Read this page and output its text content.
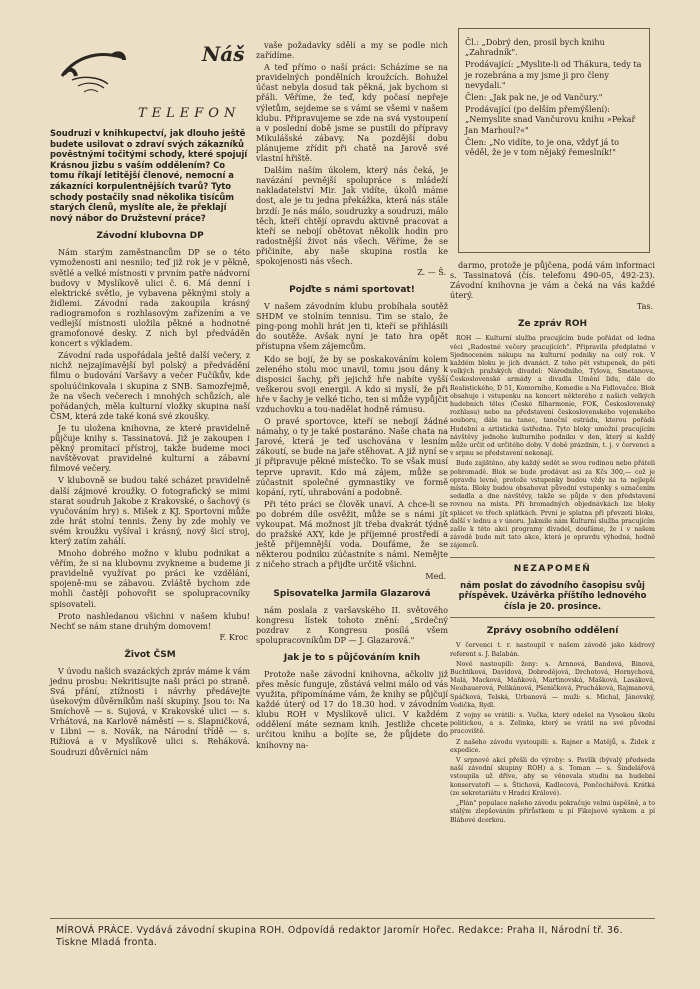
Náš
TELEFON
Soudruzi v knihkupectví, jak dlouho ještě budete usilovat o zdraví svých zákazníků pověstnými točitými schody, které spojují Krásnou jizbu s vaším oddělením? Co tomu říkají letitější členové, nemocní a zákazníci korpulentnějších tvarů? Tyto schody postačily snad několika tisícům starých členů, myslíte ale, že překlají nový nábor do Družstevní práce?
Závodní klubovna DP

Nám starým zaměstnancům DP se o této vymoženosti ani nesnilo; teď již rok je v pěkně, světlé a velké místnosti v prvním patře nádvorní budovy v Myslíkově ulici č. 6. Má denní i elektrické světlo, je vybavena pěknými stoly a židlemi. Závodní rada zakoupila krásný radiogramofon s rozhlasovým zařízením a ve vedlejší místnosti uložila pěkné a hodnotné gramofonové desky. Z nich byl předváděn koncert s výkladem.

Závodní rada uspořádala ještě další večery, z nichž nejzajímavější byl polský a předvádění filmu o budování Varšavy a večer Fučíkův, kde spoluúčinkovala i skupina z SNB. Samozřejmě, že na všech večerech i mnohých schůzích, ale pořádaných, měla kulturní vložky skupina naší ČSM, která zde také koná své zkoušky.

Je tu uložena knihovna, ze které pravidelně půjčuje knihy s. Tassinatová. Již je zakoupen i pěkný promítací přístroj, takže budeme moci navštěvovat pravidelné kulturní a zábavní filmové večery.

V klubovně se budou také scházet pravidelně další zájmové kroužky. O fotografický se mimi starat soudruh Jakobe z Krakovské, o šachový (s vyučováním hry) s. Mišek z KJ. Sportovní může zde hrát stolní tennis. Ženy by zde mohly ve svém kroužku vyšíval i krásný, nový šicí stroj, který zatím zahálí.

Mnoho dobrého možno v klubu podnikat a věřím, že si na klubovnu zvykneme a budeme ji pravidelně využívat po práci ke vzdělání, spojeně-mu se zábavou. Zvláště bychom zde mohli častěji pohovořit se spolupracovníky spisovateli.

Proto nashledanou všichni v našem klubu! Nechť se nám stane druhým domovem!

F. Kroc
Život ČSM

V úvodu našich svazáckých zpráv máme k vám jednu prosbu: Nekritisujte naši práci po straně. Svá přání, ztížnosti i návrhy předávejte úsekovým důvěrníkům naší skupiny. Jsou to: Na Smíchově — s. Sujová, v Krakovské ulici — s. Vrhátová, na Karlově náměstí — s. Slapničková, v Libni — s. Novák, na Národní třídě — s. Rižiová a v Myslíkově ulici s. Reháková. Soudruzi důvěrníci nám

vaše požadavky sdělí a my se podle nich zařídíme.

A teď přímo o naší práci: Scházíme se na pravidelných pondělních kroužcích. Bohužel účast nebyla dosud tak pěkná, jak bychom si přáli. Věříme, že teď, kdy počasí nepřeje výletům, sejdeme se s vámi se všemi v našem klubu. Připravujeme se zde na svá vystoupení a v poslední době jsme se pustili do přípravy Mikulášské zábavy. Na pozdější dobu plánujeme zřídit při chatě na Jarově své vlastní hřiště.

Dalším naším úkolem, který nás čeká, je navázání pevnější spolupráce s mládeží nakladatelství Mir. Jak vidíte, úkolů máme dost, ale je tu jedna překážka, která nás stále brzdí: Je nás málo, soudruzky a soudruzi, málo těch, kteří chtějí opravdu aktivně pracovat a kteří se nebojí obětovat několik hodin pro radostnější život nás všech. Věříme, že se přičiníte, aby naše skupina rostla ke spokojenosti nás všech.

Z. — Š.
Pojďte s námi sportovat!

V našem závodním klubu probíhala soutěž SHDM ve stolním tennisu. Tim se stalo, že ping-pong mohli hrát jen ti, kteří se přihlásili do soutěže. Avšak nyní je tato hra opět přístupna všem zájemcům.

Kdo se bojí, že by se poskakováním kolem zeleného stolu moc unavil, tomu jsou dány k disposici šachy, při jejichž hře nabíte vyšší veškerou svoji energii. A kdo si myslí, že při hře v šachy je velké ticho, ten si může vypůjčit vzduchovku a tou-nadělat hodně rámusu.

O pravé sportovce, kteří se nebojí žádné námahy, o ty je také postaráno. Naše chata na Jarové, která je teď uschována v lesním zákoutí, se bude na jaře stěhovat. A již nyní se jí připravuje pěkné místečko. To se však musí teprve upravit. Kdo má zájem, může se zúčastnit společné gymnastiky ve formě kopání, rytí, uhrabování a podobně.

Při této práci se člověk unaví. A chce-li se po dobrém díle osvěžit, může se s námi jít vykoupat. Má možnost jít třeba dvakrát týdně do pražské AXY, kde je příjemné prostředí a ještě příjemnější voda. Doufáme, že se některou podniku zúčastníte s námi. Nemějte z ničeho strach a přijďte určitě všichni.

Med.
Spisovatelka Jarmila Glazarová

nám poslala z varšavského II. světového kongresu lístek tohoto znění: „Srdečný pozdrav z Kongresu posílá všem spolupracovníkům DP — J. Glazarová."

Jak je to s půjčováním knih

Protože naše závodní knihovna, ačkoliv již přes měsíc funguje, zůstává velmi málo od vás využita, připomínáme vám, že knihy se půjčují každé úterý od 17 do 18.30 hod. v závodním klubu ROH v Myslíkově ulici. V každém oddělení máte seznam knih. Jestliže chcete určitou knihu a bojíte se, že půjdete do knihovny na-

Čl.: „Dobrý den, prosil bych knihu „Zahradník".
Prodávající: „Myslite-li od Thákura, tedy ta je rozebrána a my jsme ji pro členy nevydali."
Člen: „Jak pak ne, je od Vančury."
Prodávající (po delším přemýšlení): „Nemyslite snad Vančurovu knihu »Pekař Jan Marhoul?«"
Člen: „No vidíte, to je ona, vždyť já to věděl, že je v tom nějaký řemeslník!"

darmo, protože je půjčena, podá vám informaci s. Tassinatová (čís. telefonu 490-05, 492-23). Závodní knihovna je vám a čeká na vás každé úterý.

Tas.
Ze zpráv ROH

ROH — Kulturní služba pracujícím bude pořádat od ledna věci „Radostné večery pracujících". Připravila předplatné v Sjednoceném nákupu na kulturní podniky na celý rok. V každém bloku je jich dvanáct. Z toho pět vstupenek, do pěti velkých pražských divadel: Národního, Tylova, Smetanova, Československé armády a divadla Umění lidu, dále do Realistického, D 51, Komorního, Komedie a Na Fidlovačce. Blok obsahuje i vstupenku na koncert některého z našich velkých hudebních těles (České filharmonie, FOK, Československý rozhlasu) nebo na představení československého vojenského souboru, dále na tanec, taneční estrádu, kterou pořádá Hudební a artistická ústředna. Tyto bloky umožní pracujícím návštěvy jednoho kulturního podniku v den, který si každý může určit od určitého doby. V době prázdnin, t. j. v červenci a v srpnu se představení nekonají.

Bude zajištěno, aby každý sedět se svou rodinou nebo přáteli pohromadě. Blok se bude prodávat asi za Kčs 300,— což je opravdu levné, protože vstupenky budou vždy na ta nejlepší místa. Bloky budou obsahovat původní vstupenky s označením sedadla a dne návštěvy, takže se půjde v den představení rovnou na místa. Při hromadných objednávkách lze bloky splácet ve třech splátkách. První je splatna při převzetí bloku, další v lednu a v únoru. Jakmile nám Kulturní služba pracujícím zašle k této akci programy divadel, doufáme, že i v našem závodě bude mít tato akce, která je opravdu výhodná, hodně zájemců.

NEZAPOMEŇ
nám poslat do závodního časopisu svůj příspěvek. Uzávěrka příštího lednového čísla je 20. prosince.
Zprávy osobního oddělení

V červenci t. r. nastoupil v našem závodě jako kádrový referent s. J. Balabán.

Nově nastoupili: ženy: s. Arnnová, Bandová, Binová, Buchtíková, Davídová, Dobrodějová, Drchotová, Hornychová, Malá, Macková, Maňková, Martinovská, Mašková, Lasáková, Neubauerová, Pelikánová, Pšeničková, Prucháková, Rajmanová, Spáčková, Telská, Urbanová — muži: s. Michal, Jánovský, Vodička, Rydl.

Z vojny se vrátili: s. Vučka, který odešel na Vysokou školu politickou, a s. Zelinka, který se vrátil na své původní pracoviště.

Z našeho závodu vystoupili: s. Rajner a Matějů, s. Židek z expedice.

V srpnové akci přešli do výroby: s. Pavlík (bývalý předseda naší závodní skupiny ROH) a s. Toman — s. Šindelářová vstoupila už dříve, aby se věnovala studiu na hudební konservatoři — s. Štichová, Kadlecová, Pončochářová. Krátká (ze sekretariátu v Hradci Králové).

„Plán" populace našeho závodu pokračuje velmi úspěšně, a to stálým zlepšováním přírůstkem u pí Fikejsové synkem a pí Bláhové dcerkou.

MÍROVÁ PRÁCE. Vydává závodní skupina ROH. Odpovídá redaktor Jaromír Hořec. Redakce: Praha II, Národní tř. 36. Tiskne Mladá fronta.
